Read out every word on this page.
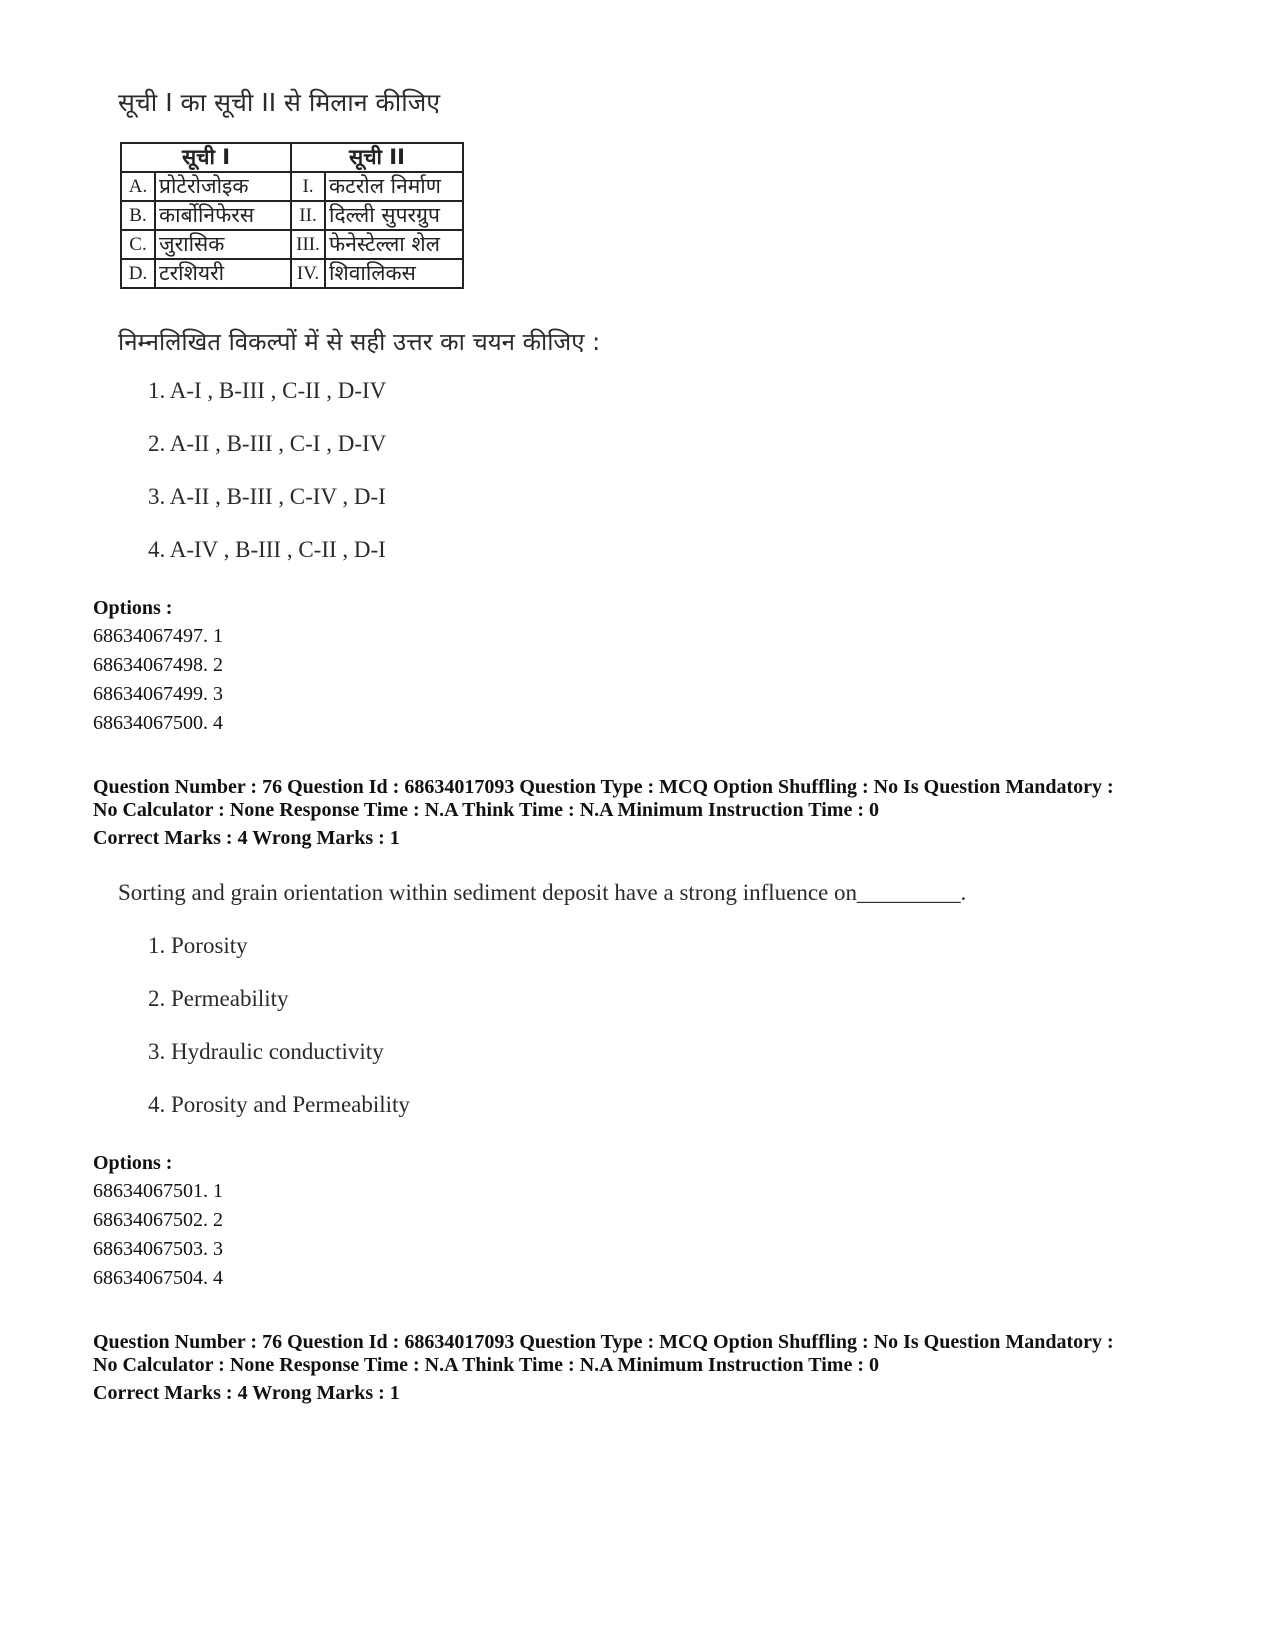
सूची I का सूची II से मिलान कीजिए
सूची I		सूची II	
A.	प्रोटेरोजोइक	I.	कटरोल निर्माण
B.	कार्बोनिफेरस	II.	दिल्ली सुपरग्रुप
C.	जुरासिक	III.	फेनेस्टेल्ला शेल
D.	टरशियरी	IV.	शिवालिकस
निम्नलिखित विकल्पों में से सही उत्तर का चयन कीजिए :
1. A-I , B-III , C-II , D-IV
2. A-II , B-III , C-I , D-IV
3. A-II , B-III , C-IV , D-I
4. A-IV , B-III , C-II , D-I
Options :
68634067497. 1
68634067498. 2
68634067499. 3
68634067500. 4
Question Number : 76 Question Id : 68634017093 Question Type : MCQ Option Shuffling : No Is Question Mandatory :
No Calculator : None Response Time : N.A Think Time : N.A Minimum Instruction Time : 0
Correct Marks : 4 Wrong Marks : 1
Sorting and grain orientation within sediment deposit have a strong influence on_________.
1. Porosity
2. Permeability
3. Hydraulic conductivity
4. Porosity and Permeability
Options :
68634067501. 1
68634067502. 2
68634067503. 3
68634067504. 4
Question Number : 76 Question Id : 68634017093 Question Type : MCQ Option Shuffling : No Is Question Mandatory :
No Calculator : None Response Time : N.A Think Time : N.A Minimum Instruction Time : 0
Correct Marks : 4 Wrong Marks : 1
